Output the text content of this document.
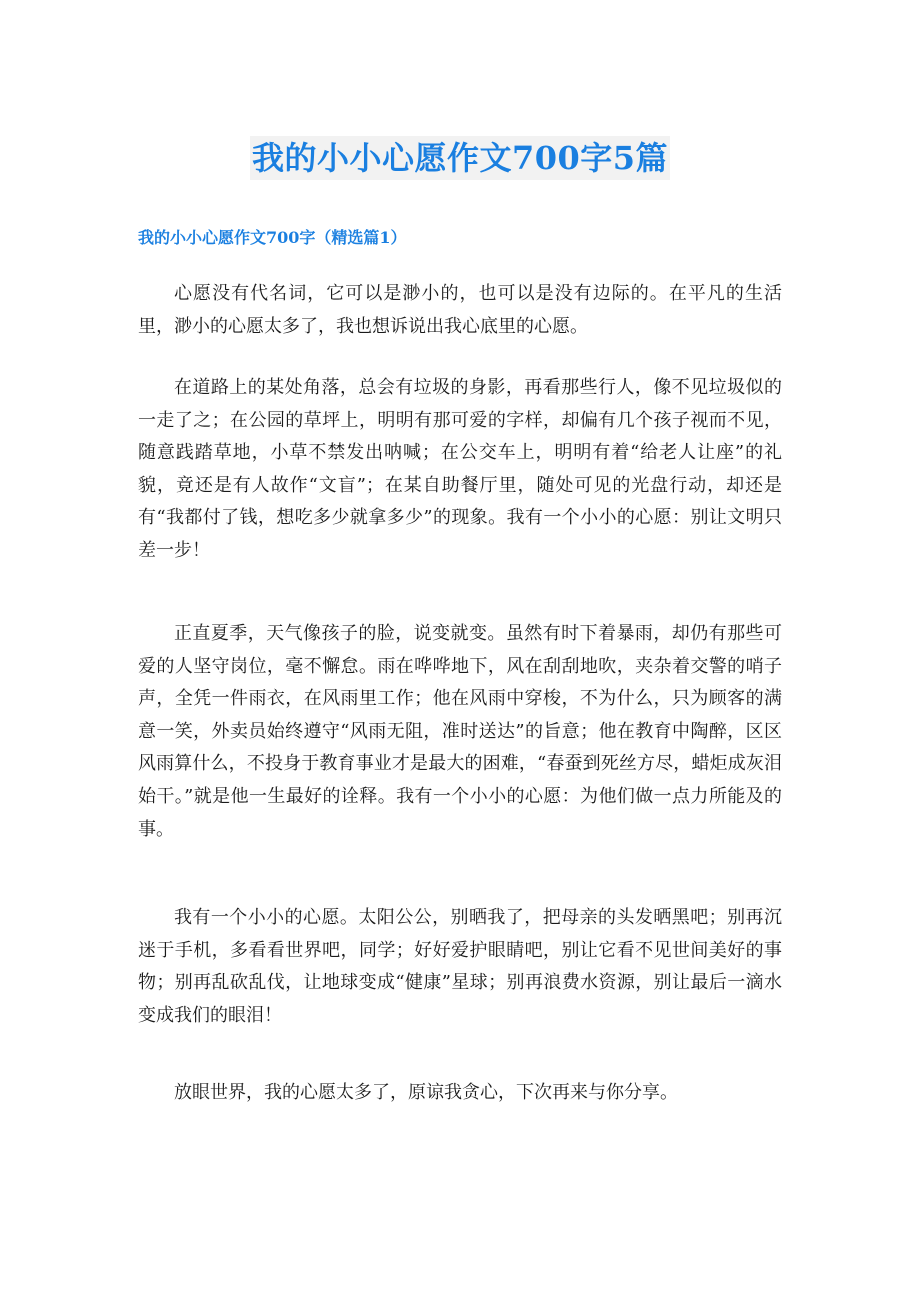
我的小小心愿作文700字5篇
我的小小心愿作文700字（精选篇1）

心愿没有代名词，它可以是渺小的，也可以是没有边际的。在平凡的生活里，渺小的心愿太多了，我也想诉说出我心底里的心愿。

在道路上的某处角落，总会有垃圾的身影，再看那些行人，像不见垃圾似的一走了之；在公园的草坪上，明明有那可爱的字样，却偏有几个孩子视而不见，随意践踏草地，小草不禁发出呐喊；在公交车上，明明有着“给老人让座”的礼貌，竟还是有人故作“文盲”；在某自助餐厅里，随处可见的光盘行动，却还是有“我都付了钱，想吃多少就拿多少”的现象。我有一个小小的心愿：别让文明只差一步！

正直夏季，天气像孩子的脸，说变就变。虽然有时下着暴雨，却仍有那些可爱的人坚守岗位，毫不懈怠。雨在哗哗地下，风在刮刮地吹，夹杂着交警的哨子声，全凭一件雨衣，在风雨里工作；他在风雨中穿梭，不为什么，只为顾客的满意一笑，外卖员始终遵守“风雨无阻，准时送达”的旨意；他在教育中陶醉，区区风雨算什么，不投身于教育事业才是最大的困难，“春蚕到死丝方尽，蜡炬成灰泪始干。”就是他一生最好的诠释。我有一个小小的心愿：为他们做一点力所能及的事。

我有一个小小的心愿。太阳公公，别晒我了，把母亲的头发晒黑吧；别再沉迷于手机，多看看世界吧，同学；好好爱护眼睛吧，别让它看不见世间美好的事物；别再乱砍乱伐，让地球变成“健康”星球；别再浪费水资源，别让最后一滴水变成我们的眼泪！

放眼世界，我的心愿太多了，原谅我贪心，下次再来与你分享。
